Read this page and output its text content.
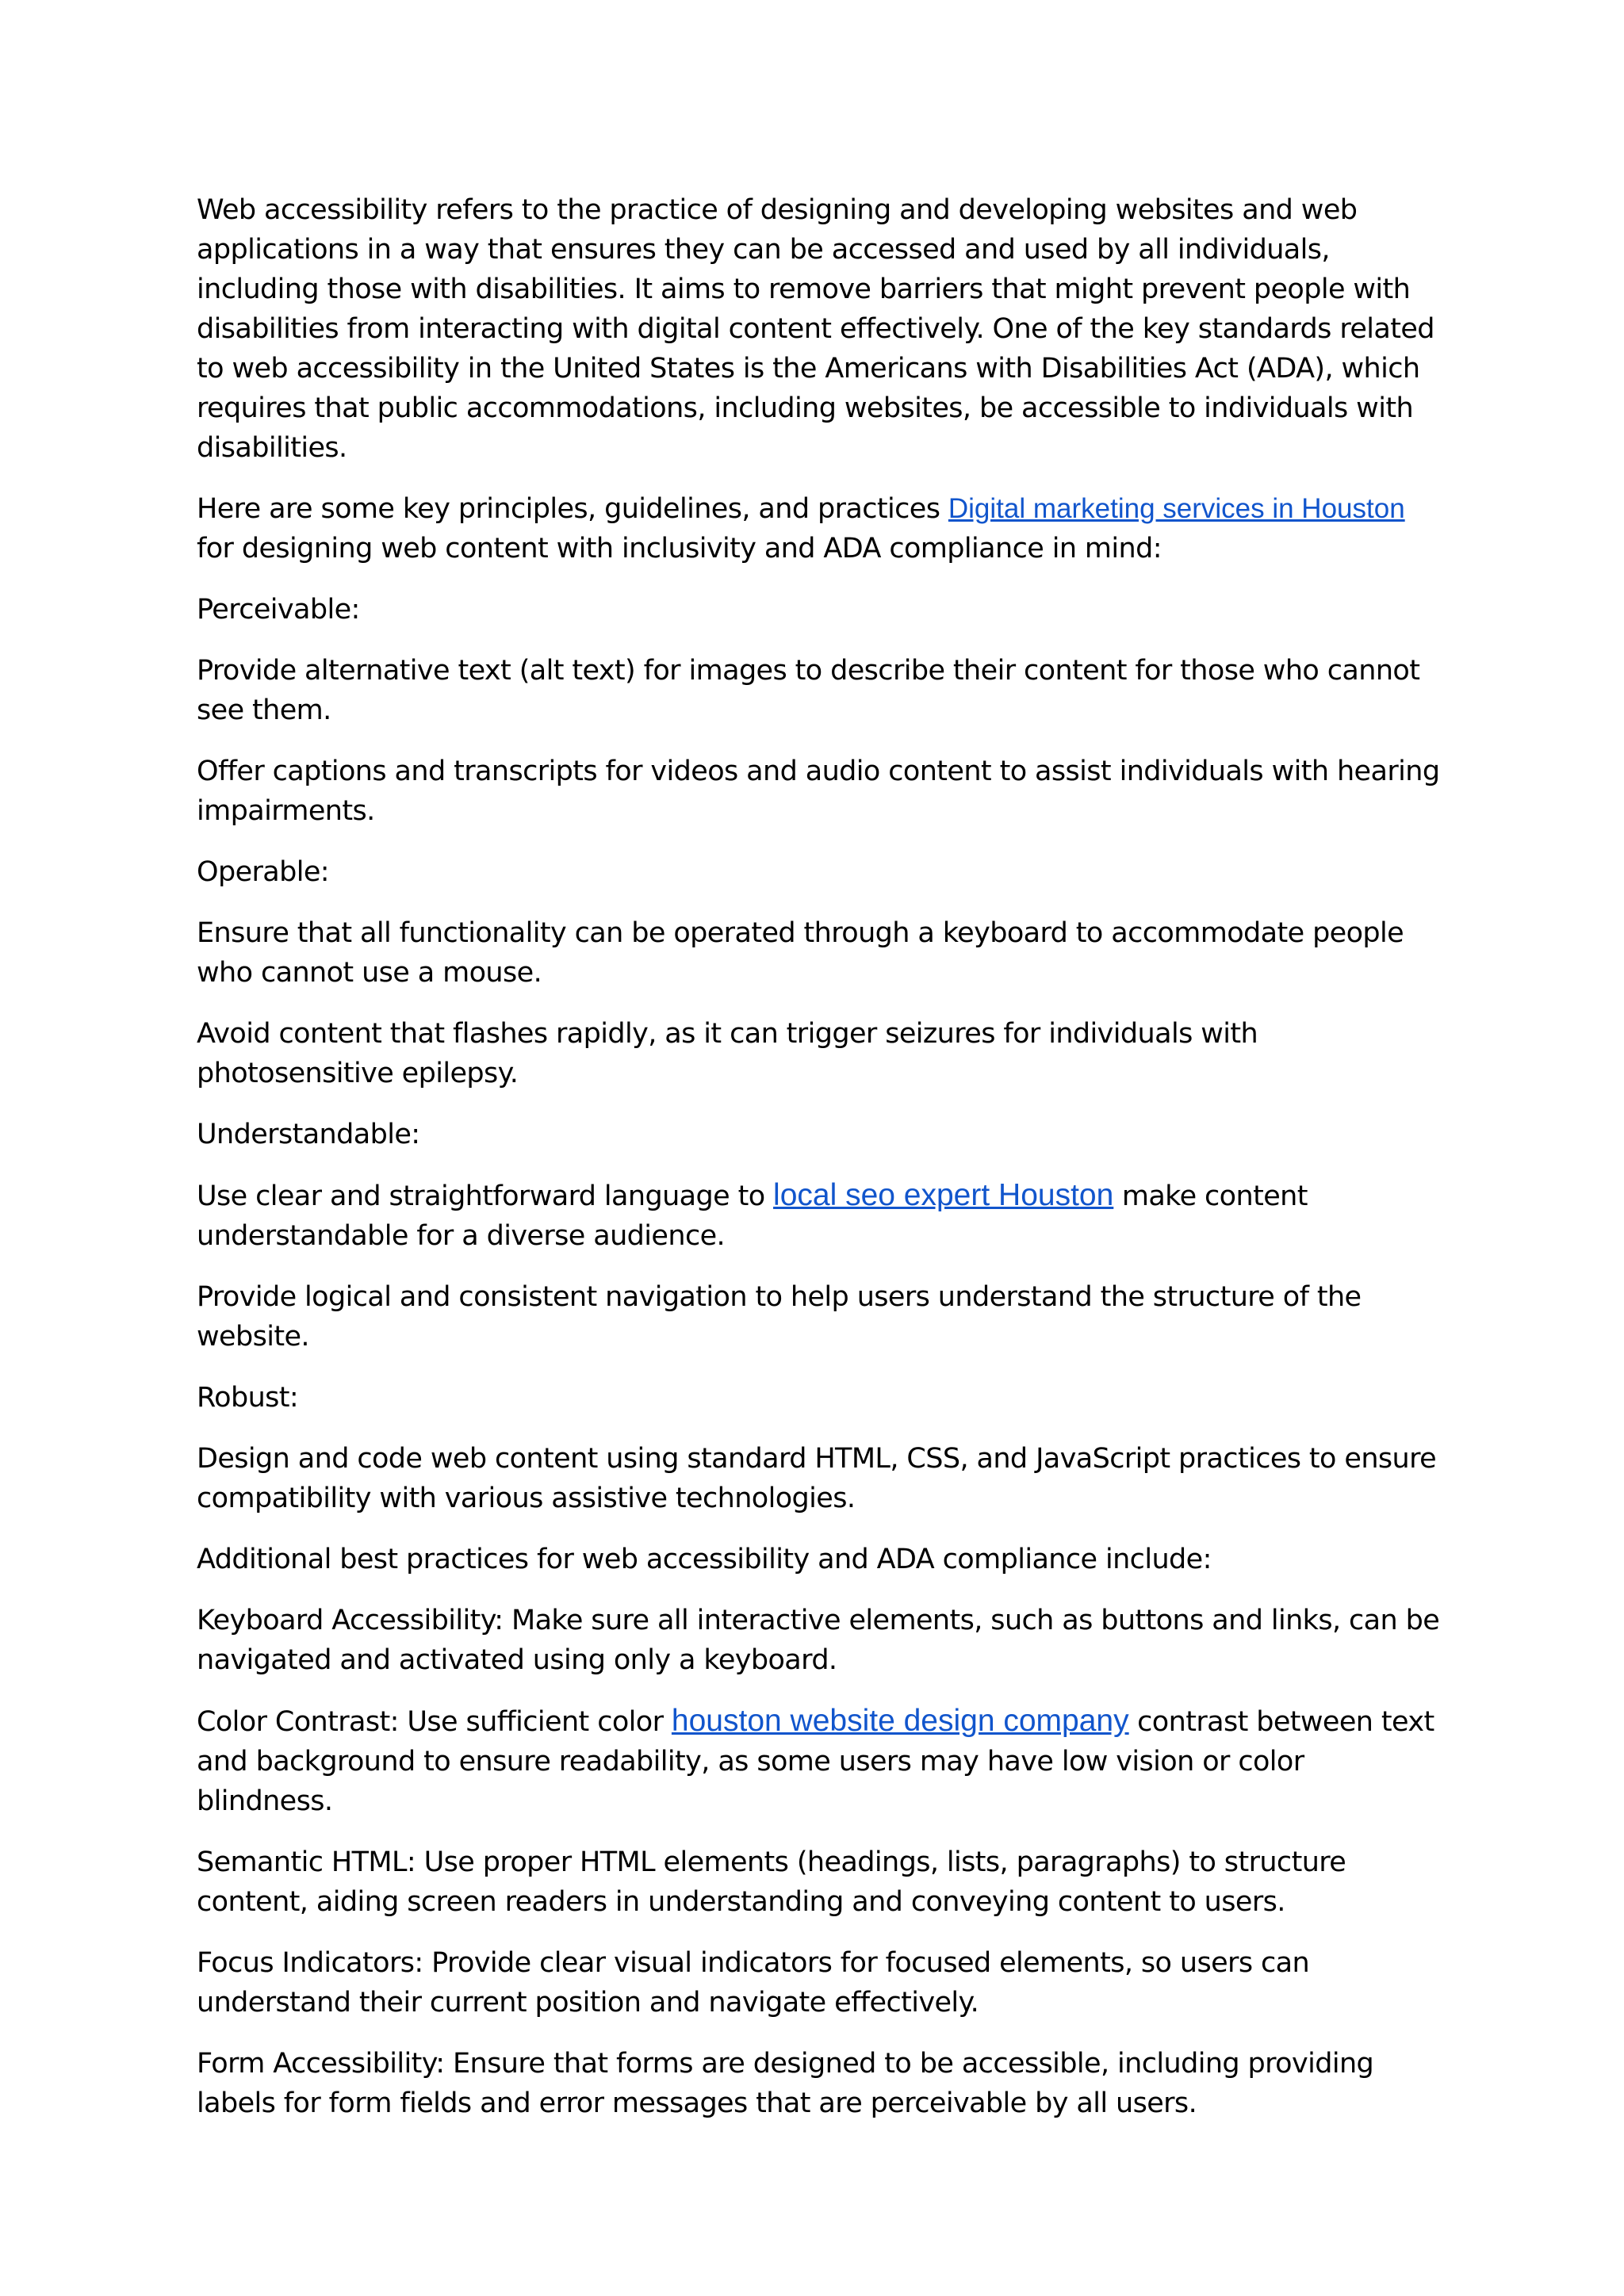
Web accessibility refers to the practice of designing and developing websites and web applications in a way that ensures they can be accessed and used by all individuals, including those with disabilities. It aims to remove barriers that might prevent people with disabilities from interacting with digital content effectively. One of the key standards related to web accessibility in the United States is the Americans with Disabilities Act (ADA), which requires that public accommodations, including websites, be accessible to individuals with disabilities.

Here are some key principles, guidelines, and practices Digital marketing services in Houston for designing web content with inclusivity and ADA compliance in mind:

Perceivable:

Provide alternative text (alt text) for images to describe their content for those who cannot see them.

Offer captions and transcripts for videos and audio content to assist individuals with hearing impairments.

Operable:

Ensure that all functionality can be operated through a keyboard to accommodate people who cannot use a mouse.

Avoid content that flashes rapidly, as it can trigger seizures for individuals with photosensitive epilepsy.

Understandable:

Use clear and straightforward language to local seo expert Houston make content understandable for a diverse audience.

Provide logical and consistent navigation to help users understand the structure of the website.

Robust:

Design and code web content using standard HTML, CSS, and JavaScript practices to ensure compatibility with various assistive technologies.

Additional best practices for web accessibility and ADA compliance include:

Keyboard Accessibility: Make sure all interactive elements, such as buttons and links, can be navigated and activated using only a keyboard.

Color Contrast: Use sufficient color houston website design company contrast between text and background to ensure readability, as some users may have low vision or color blindness.

Semantic HTML: Use proper HTML elements (headings, lists, paragraphs) to structure content, aiding screen readers in understanding and conveying content to users.

Focus Indicators: Provide clear visual indicators for focused elements, so users can understand their current position and navigate effectively.

Form Accessibility: Ensure that forms are designed to be accessible, including providing labels for form fields and error messages that are perceivable by all users.
